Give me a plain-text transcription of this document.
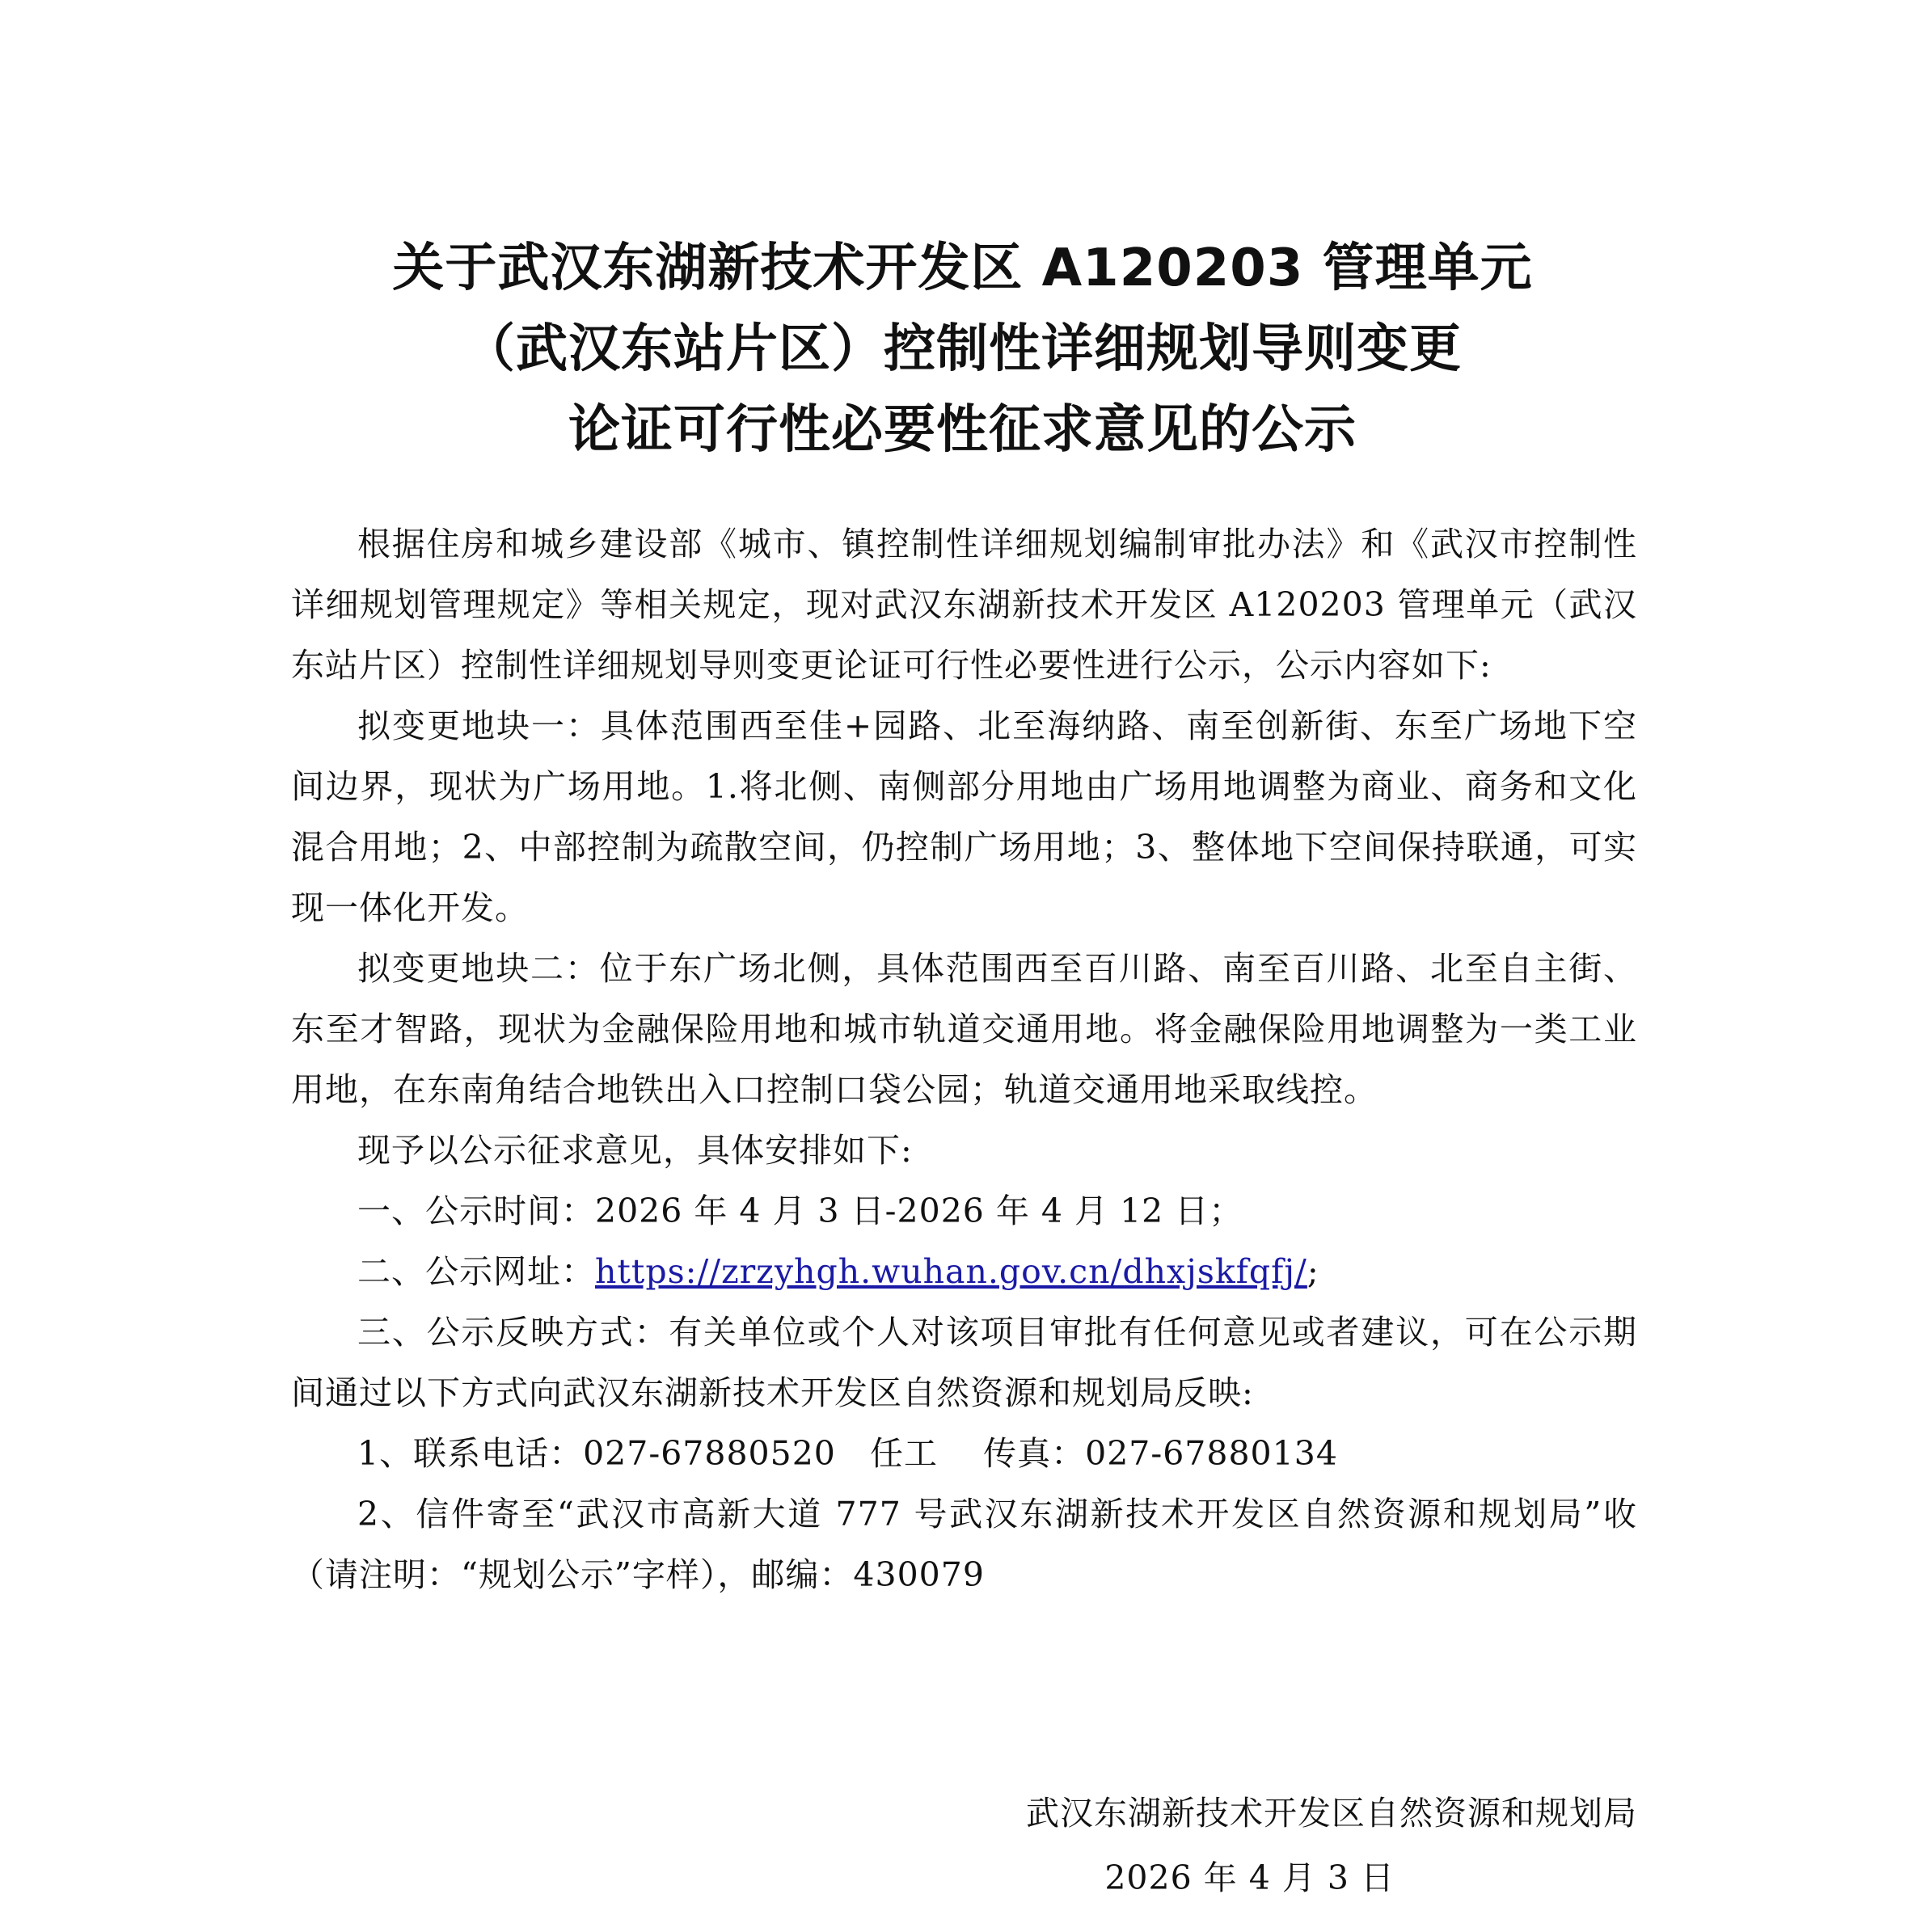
关于武汉东湖新技术开发区 A120203 管理单元
（武汉东站片区）控制性详细规划导则变更
论证可行性必要性征求意见的公示

根据住房和城乡建设部《城市、镇控制性详细规划编制审批办法》和《武汉市控制性详细规划管理规定》等相关规定，现对武汉东湖新技术开发区 A120203 管理单元（武汉东站片区）控制性详细规划导则变更论证可行性必要性进行公示，公示内容如下:

拟变更地块一：具体范围西至佳+园路、北至海纳路、南至创新街、东至广场地下空间边界，现状为广场用地。1.将北侧、南侧部分用地由广场用地调整为商业、商务和文化混合用地；2、中部控制为疏散空间，仍控制广场用地；3、整体地下空间保持联通，可实现一体化开发。

拟变更地块二：位于东广场北侧，具体范围西至百川路、南至百川路、北至自主街、东至才智路，现状为金融保险用地和城市轨道交通用地。将金融保险用地调整为一类工业用地，在东南角结合地铁出入口控制口袋公园；轨道交通用地采取线控。

现予以公示征求意见，具体安排如下:

一、公示时间：2026 年 4 月 3 日-2026 年 4 月 12 日；

二、公示网址：https://zrzyhgh.wuhan.gov.cn/dhxjskfqfj/;

三、公示反映方式：有关单位或个人对该项目审批有任何意见或者建议，可在公示期间通过以下方式向武汉东湖新技术开发区自然资源和规划局反映:

1、联系电话：027-67880520   任工    传真：027-67880134

2、信件寄至“武汉市高新大道 777 号武汉东湖新技术开发区自然资源和规划局”收（请注明：“规划公示”字样），邮编：430079

武汉东湖新技术开发区自然资源和规划局
2026 年 4 月 3 日
